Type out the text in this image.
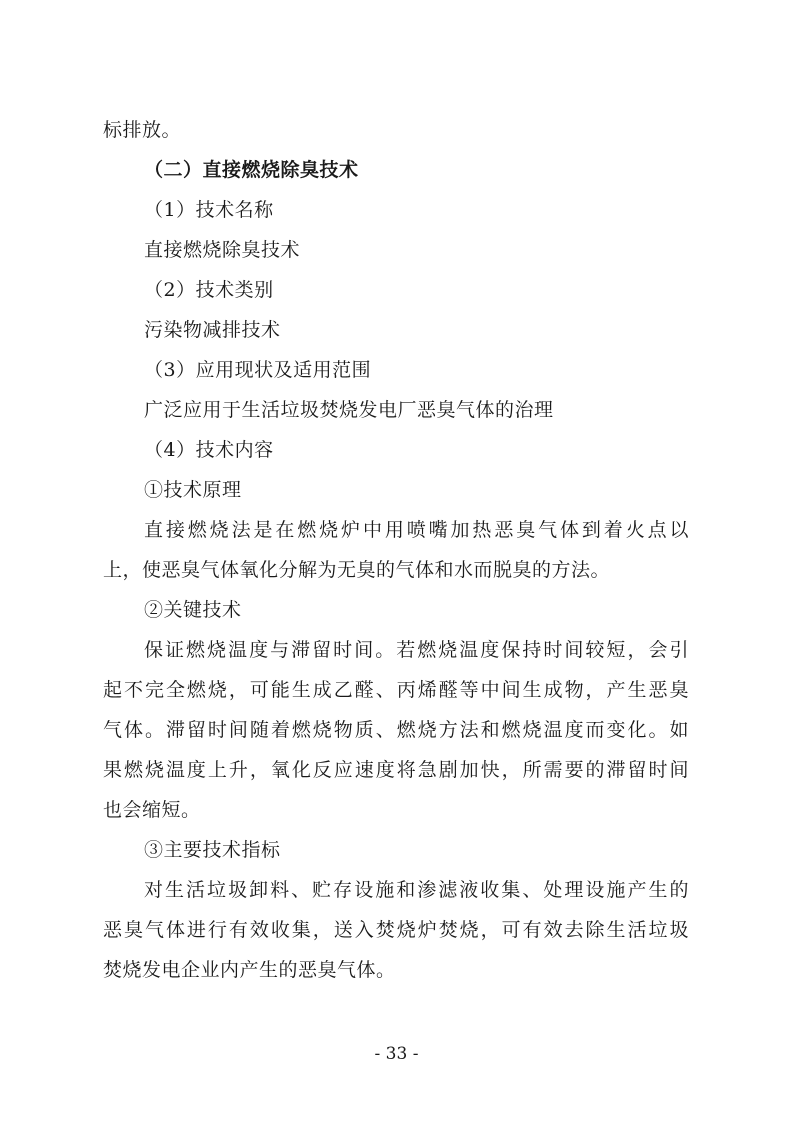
标排放。

（二）直接燃烧除臭技术

（1）技术名称

直接燃烧除臭技术

（2）技术类别

污染物减排技术

（3）应用现状及适用范围

广泛应用于生活垃圾焚烧发电厂恶臭气体的治理

（4）技术内容

①技术原理

直接燃烧法是在燃烧炉中用喷嘴加热恶臭气体到着火点以

上，使恶臭气体氧化分解为无臭的气体和水而脱臭的方法。

②关键技术

保证燃烧温度与滞留时间。若燃烧温度保持时间较短，会引

起不完全燃烧，可能生成乙醛、丙烯醛等中间生成物，产生恶臭

气体。滞留时间随着燃烧物质、燃烧方法和燃烧温度而变化。如

果燃烧温度上升，氧化反应速度将急剧加快，所需要的滞留时间

也会缩短。

③主要技术指标

对生活垃圾卸料、贮存设施和渗滤液收集、处理设施产生的

恶臭气体进行有效收集，送入焚烧炉焚烧，可有效去除生活垃圾

焚烧发电企业内产生的恶臭气体。

- 33 -
